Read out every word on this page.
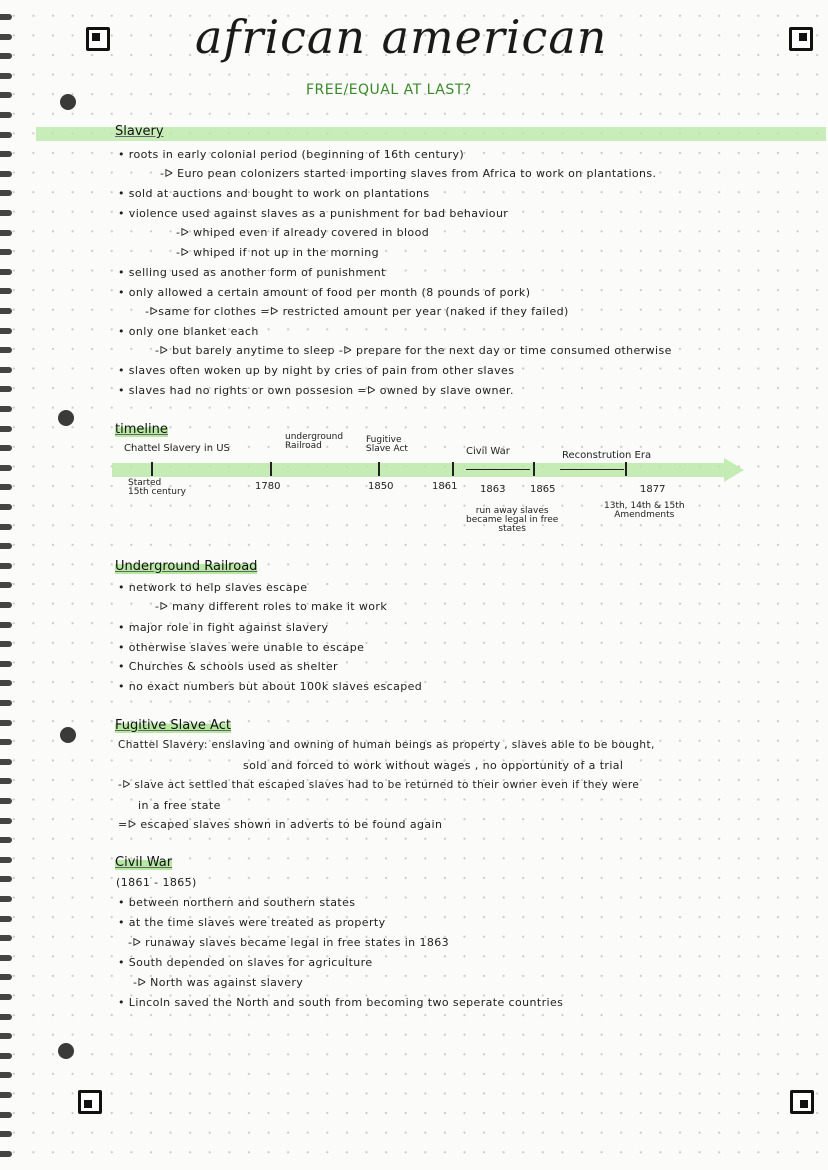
african american
FREE/EQUAL AT LAST?
Slavery
• roots in early colonial period (beginning of 16th century)
-ᐅ Euro pean colonizers started importing slaves from Africa to work on plantations.
• sold at auctions and bought to work on plantations
• violence used against slaves as a punishment for bad behaviour
-ᐅ whiped even if already covered in blood
-ᐅ whiped if not up in the morning
• selling used as another form of punishment
• only allowed a certain amount of food per month (8 pounds of pork)
-ᐅsame for clothes =ᐅ restricted amount per year (naked if they failed)
• only one blanket each
-ᐅ but barely anytime to sleep -ᐅ prepare for the next day or time consumed otherwise
• slaves often woken up by night by cries of pain from other slaves
• slaves had no rights or own possesion =ᐅ owned by slave owner.
timeline
Chattel Slavery in US
underground
Railroad
Fugitive
Slave Act	Civil War	Reconstrution Era
Started
15th century	1780	1850	1861 1863 1865	1877
run away slaves
became legal in free
states
13th, 14th & 15th
Amendments
Underground Railroad
• network to help slaves escape
-ᐅ many different roles to make it work
• major role in fight against slavery
• otherwise slaves were unable to escape
• Churches & schools used as shelter
• no exact numbers but about 100k slaves escaped
Fugitive Slave Act
Chattel Slavery: enslaving and owning of human beings as property , slaves able to be bought,
sold and forced to work without wages , no opportunity of a trial
-ᐅ slave act settled that escaped slaves had to be returned to their owner even if they were
in a free state
=ᐅ escaped slaves shown in adverts to be found again
Civil War
(1861 - 1865)
• between northern and southern states
• at the time slaves were treated as property
-ᐅ runaway slaves became legal in free states in 1863
• South depended on slaves for agriculture
-ᐅ North was against slavery
• Lincoln saved the North and south from becoming two seperate countries
